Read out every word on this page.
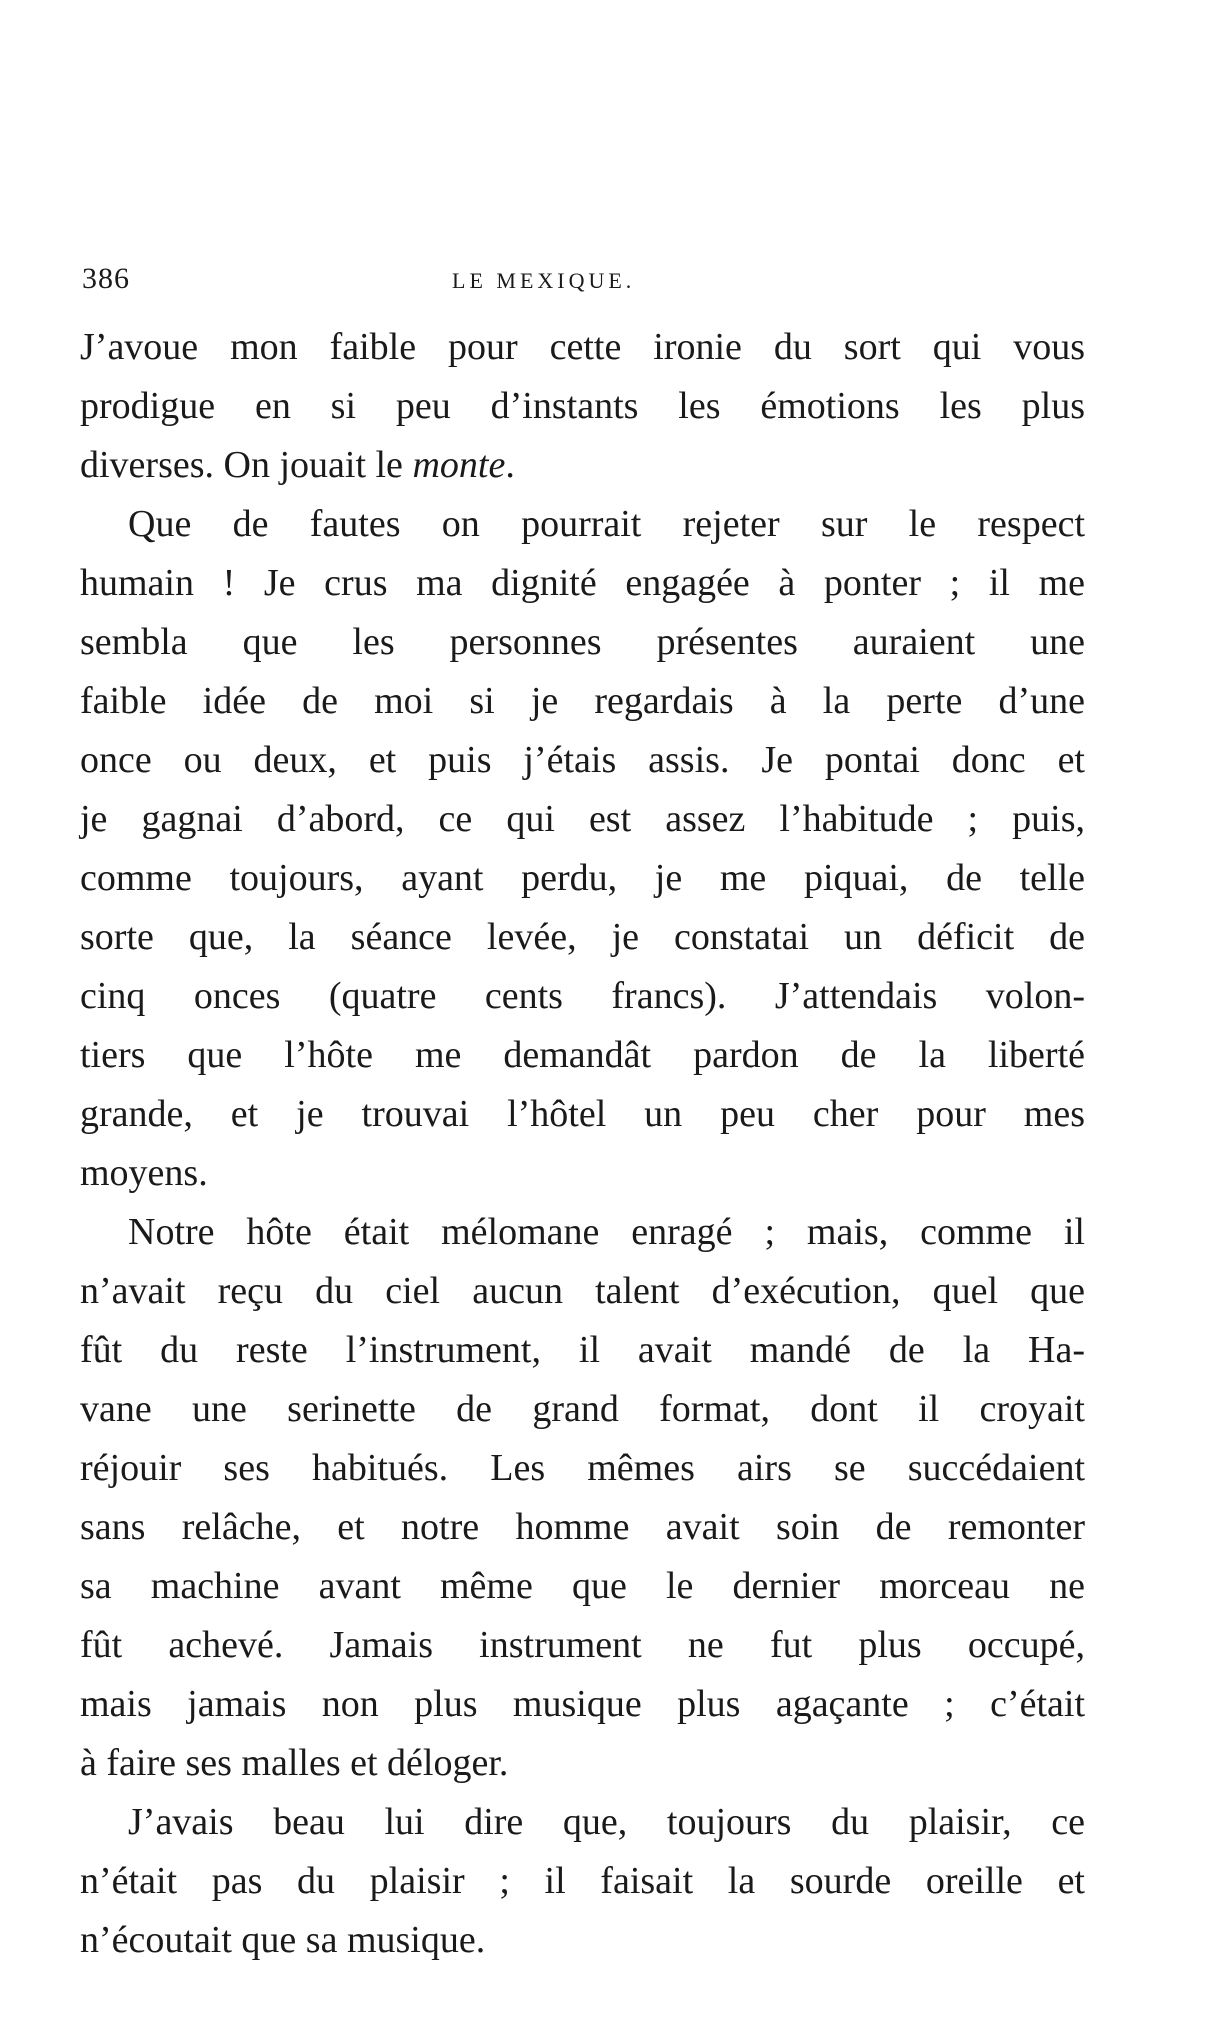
386	LE MEXIQUE.
J’avoue mon faible pour cette ironie du sort qui vous
prodigue en si peu d’instants les émotions les plus
diverses. On jouait le monte.
Que de fautes on pourrait rejeter sur le respect
humain ! Je crus ma dignité engagée à ponter ; il me
sembla que les personnes présentes auraient une
faible idée de moi si je regardais à la perte d’une
once ou deux, et puis j’étais assis. Je pontai donc et
je gagnai d’abord, ce qui est assez l’habitude ; puis,
comme toujours, ayant perdu, je me piquai, de telle
sorte que, la séance levée, je constatai un déficit de
cinq onces (quatre cents francs). J’attendais volon-
tiers que l’hôte me demandât pardon de la liberté
grande, et je trouvai l’hôtel un peu cher pour mes
moyens.
Notre hôte était mélomane enragé ; mais, comme il
n’avait reçu du ciel aucun talent d’exécution, quel que
fût du reste l’instrument, il avait mandé de la Ha-
vane une serinette de grand format, dont il croyait
réjouir ses habitués. Les mêmes airs se succédaient
sans relâche, et notre homme avait soin de remonter
sa machine avant même que le dernier morceau ne
fût achevé. Jamais instrument ne fut plus occupé,
mais jamais non plus musique plus agaçante ; c’était
à faire ses malles et déloger.
J’avais beau lui dire que, toujours du plaisir, ce
n’était pas du plaisir ; il faisait la sourde oreille et
n’écoutait que sa musique.
